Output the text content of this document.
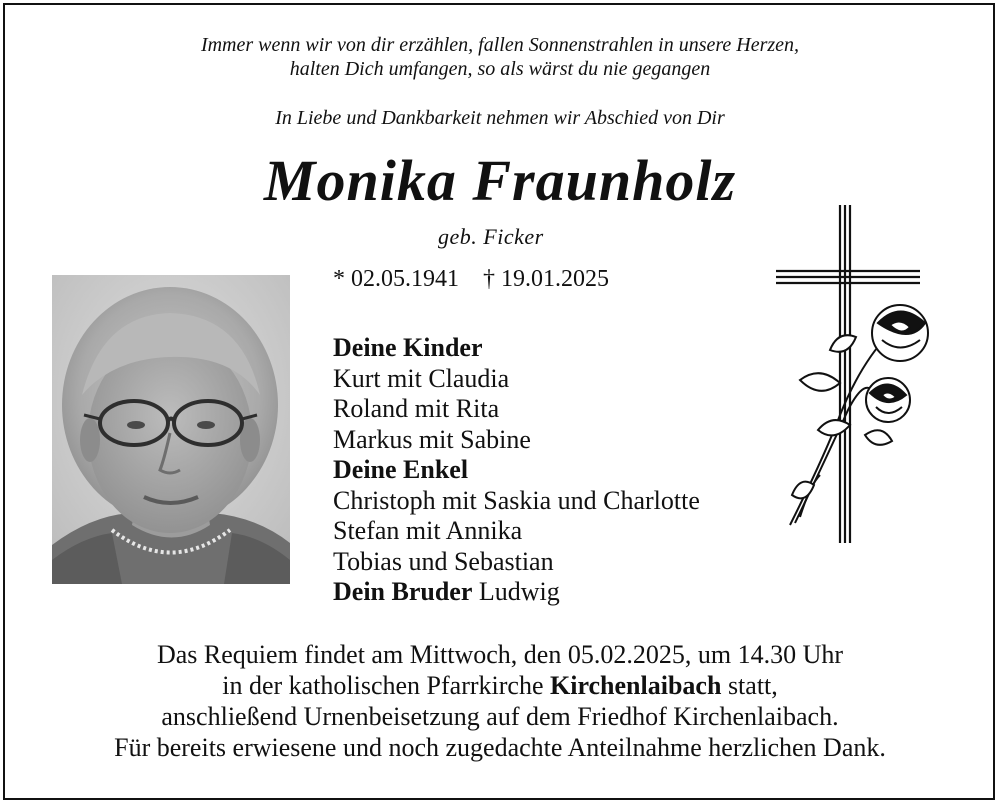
Immer wenn wir von dir erzählen, fallen Sonnenstrahlen in unsere Herzen,
halten Dich umfangen, so als wärst du nie gegangen
In Liebe und Dankbarkeit nehmen wir Abschied von Dir
Monika Fraunholz
geb. Ficker
* 02.05.1941 † 19.01.2025
Deine Kinder
Kurt mit Claudia
Roland mit Rita
Markus mit Sabine
Deine Enkel
Christoph mit Saskia und Charlotte
Stefan mit Annika
Tobias und Sebastian
Dein Bruder Ludwig
Das Requiem findet am Mittwoch, den 05.02.2025, um 14.30 Uhr
in der katholischen Pfarrkirche Kirchenlaibach statt,
anschließend Urnenbeisetzung auf dem Friedhof Kirchenlaibach.
Für bereits erwiesene und noch zugedachte Anteilnahme herzlichen Dank.
